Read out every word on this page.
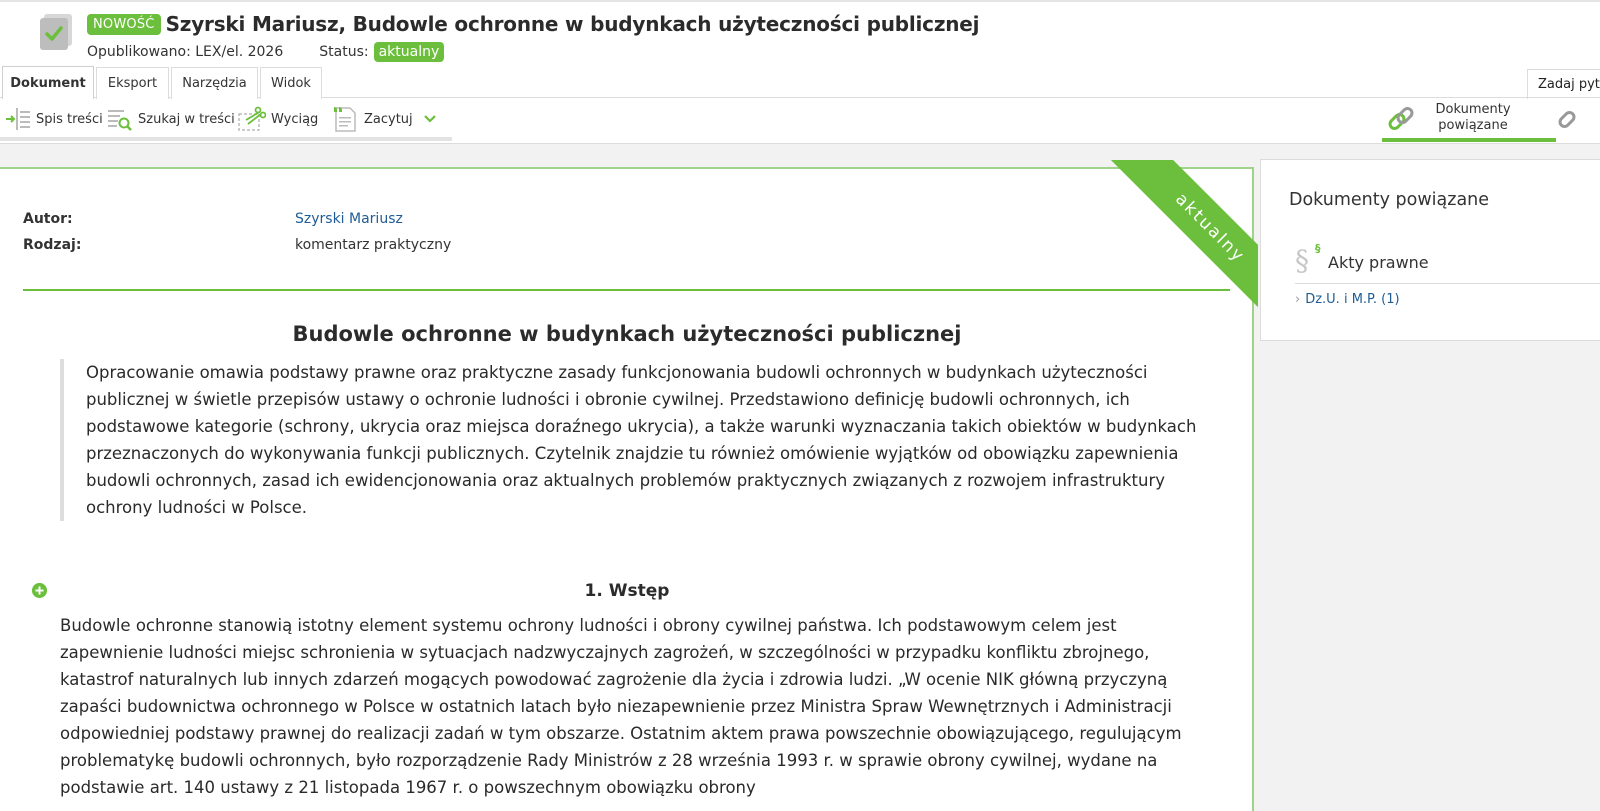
NOWOŚĆ Szyrski Mariusz, Budowle ochronne w budynkach użyteczności publicznej
Opublikowano: LEX/el. 2026	Status: aktualny
Dokument	Eksport	Narzędzia	Widok	Zadaj pyt
Spis treści	Szukaj w treści	Wyciąg	Zacytuj
Dokumenty powiązane
aktualny
Autor:	Szyrski Mariusz
Rodzaj:	komentarz praktyczny
Budowle ochronne w budynkach użyteczności publicznej
Opracowanie omawia podstawy prawne oraz praktyczne zasady funkcjonowania budowli ochronnych w budynkach użyteczności publicznej w świetle przepisów ustawy o ochronie ludności i obronie cywilnej. Przedstawiono definicję budowli ochronnych, ich podstawowe kategorie (schrony, ukrycia oraz miejsca doraźnego ukrycia), a także warunki wyznaczania takich obiektów w budynkach przeznaczonych do wykonywania funkcji publicznych. Czytelnik znajdzie tu również omówienie wyjątków od obowiązku zapewnienia budowli ochronnych, zasad ich ewidencjonowania oraz aktualnych problemów praktycznych związanych z rozwojem infrastruktury ochrony ludności w Polsce.
1. Wstęp
Budowle ochronne stanowią istotny element systemu ochrony ludności i obrony cywilnej państwa. Ich podstawowym celem jest zapewnienie ludności miejsc schronienia w sytuacjach nadzwyczajnych zagrożeń, w szczególności w przypadku konfliktu zbrojnego, katastrof naturalnych lub innych zdarzeń mogących powodować zagrożenie dla życia i zdrowia ludzi. „W ocenie NIK główną przyczyną zapaści budownictwa ochronnego w Polsce w ostatnich latach było niezapewnienie przez Ministra Spraw Wewnętrznych i Administracji odpowiedniej podstawy prawnej do realizacji zadań w tym obszarze. Ostatnim aktem prawa powszechnie obowiązującego, regulującym problematykę budowli ochronnych, było rozporządzenie Rady Ministrów z 28 września 1993 r. w sprawie obrony cywilnej, wydane na podstawie art. 140 ustawy z 21 listopada 1967 r. o powszechnym obowiązku obrony
Dokumenty powiązane
§ §
Akty prawne
› Dz.U. i M.P. (1)
